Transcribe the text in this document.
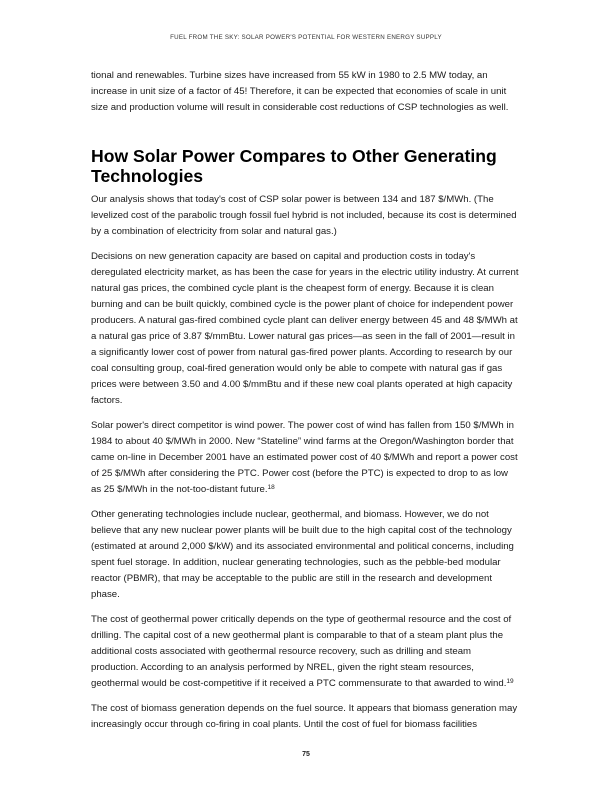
FUEL FROM THE SKY: SOLAR POWER'S POTENTIAL FOR WESTERN ENERGY SUPPLY

tional and renewables. Turbine sizes have increased from 55 kW in 1980 to 2.5 MW today, an increase in unit size of a factor of 45! Therefore, it can be expected that economies of scale in unit size and production volume will result in considerable cost reductions of CSP technologies as well.

How Solar Power Compares to Other Generating Technologies

Our analysis shows that today's cost of CSP solar power is between 134 and 187 $/MWh. (The levelized cost of the parabolic trough fossil fuel hybrid is not included, because its cost is determined by a combination of electricity from solar and natural gas.)

Decisions on new generation capacity are based on capital and production costs in today's deregulated electricity market, as has been the case for years in the electric utility industry. At current natural gas prices, the combined cycle plant is the cheapest form of energy. Because it is clean burning and can be built quickly, combined cycle is the power plant of choice for independent power producers. A natural gas-fired combined cycle plant can deliver energy between 45 and 48 $/MWh at a natural gas price of 3.87 $/mmBtu. Lower natural gas prices—as seen in the fall of 2001—result in a significantly lower cost of power from natural gas-fired power plants. According to research by our coal consulting group, coal-fired generation would only be able to compete with natural gas if gas prices were between 3.50 and 4.00 $/mmBtu and if these new coal plants operated at high capacity factors.

Solar power's direct competitor is wind power. The power cost of wind has fallen from 150 $/MWh in 1984 to about 40 $/MWh in 2000. New “Stateline” wind farms at the Oregon/Washington border that came on-line in December 2001 have an estimated power cost of 40 $/MWh and report a power cost of 25 $/MWh after considering the PTC. Power cost (before the PTC) is expected to drop to as low as 25 $/MWh in the not-too-distant future.$^{18}$

Other generating technologies include nuclear, geothermal, and biomass. However, we do not believe that any new nuclear power plants will be built due to the high capital cost of the technology (estimated at around 2,000 $/kW) and its associated environmental and political concerns, including spent fuel storage. In addition, nuclear generating technologies, such as the pebble-bed modular reactor (PBMR), that may be acceptable to the public are still in the research and development phase.

The cost of geothermal power critically depends on the type of geothermal resource and the cost of drilling. The capital cost of a new geothermal plant is comparable to that of a steam plant plus the additional costs associated with geothermal resource recovery, such as drilling and steam production. According to an analysis performed by NREL, given the right steam resources, geothermal would be cost-competitive if it received a PTC commensurate to that awarded to wind.$^{19}$

The cost of biomass generation depends on the fuel source. It appears that biomass generation may increasingly occur through co-firing in coal plants. Until the cost of fuel for biomass facilities

75
